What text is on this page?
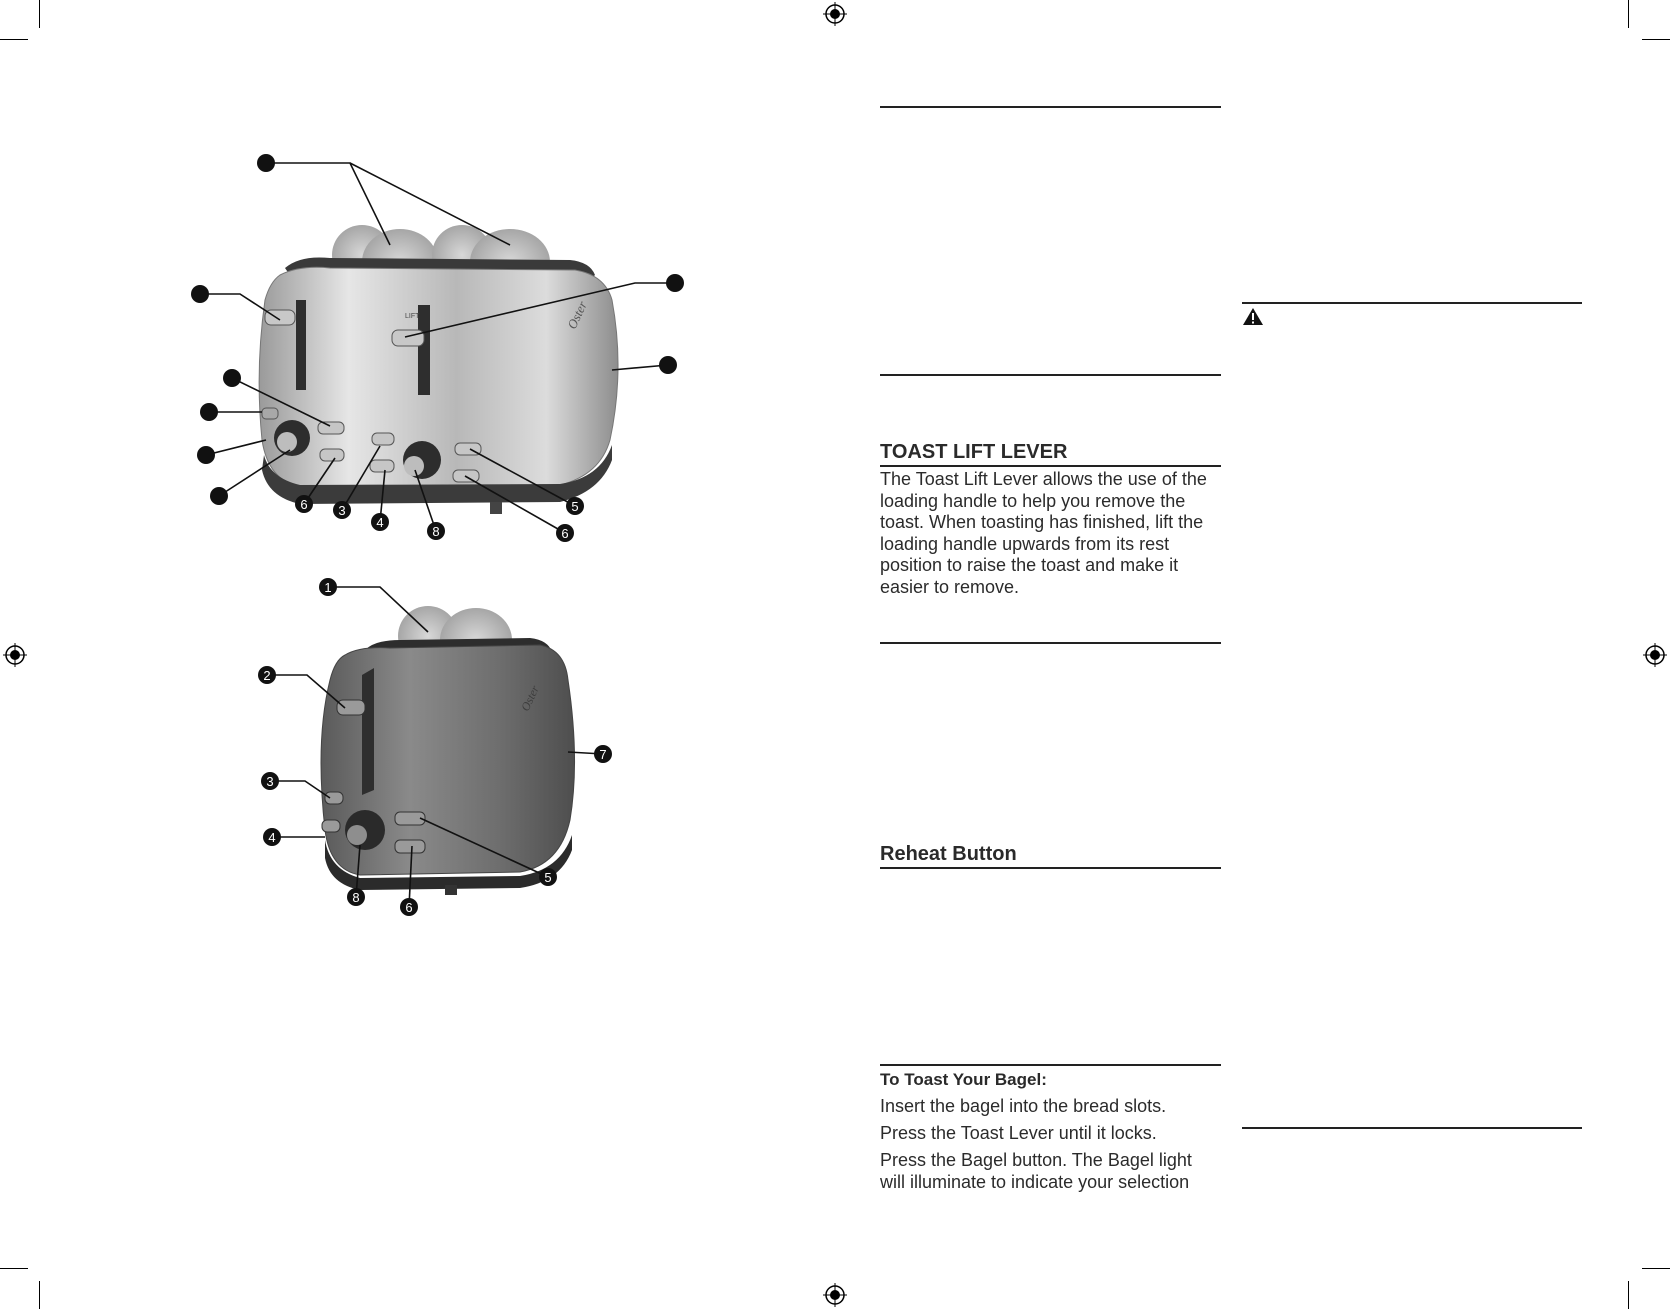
LIFT	Oster
6 3
4
8
5
6
Oster
1
2
3
4
8
6
5
7
TOAST LIFT LEVER
The Toast Lift Lever allows the use of the loading handle to help you remove the toast. When toasting has finished, lift the loading handle upwards from its rest position to raise the toast and make it easier to remove.
Reheat Button
To Toast Your Bagel:
Insert the bagel into the bread slots.
Press the Toast Lever until it locks.
Press the Bagel button. The Bagel light will illuminate to indicate your selection
